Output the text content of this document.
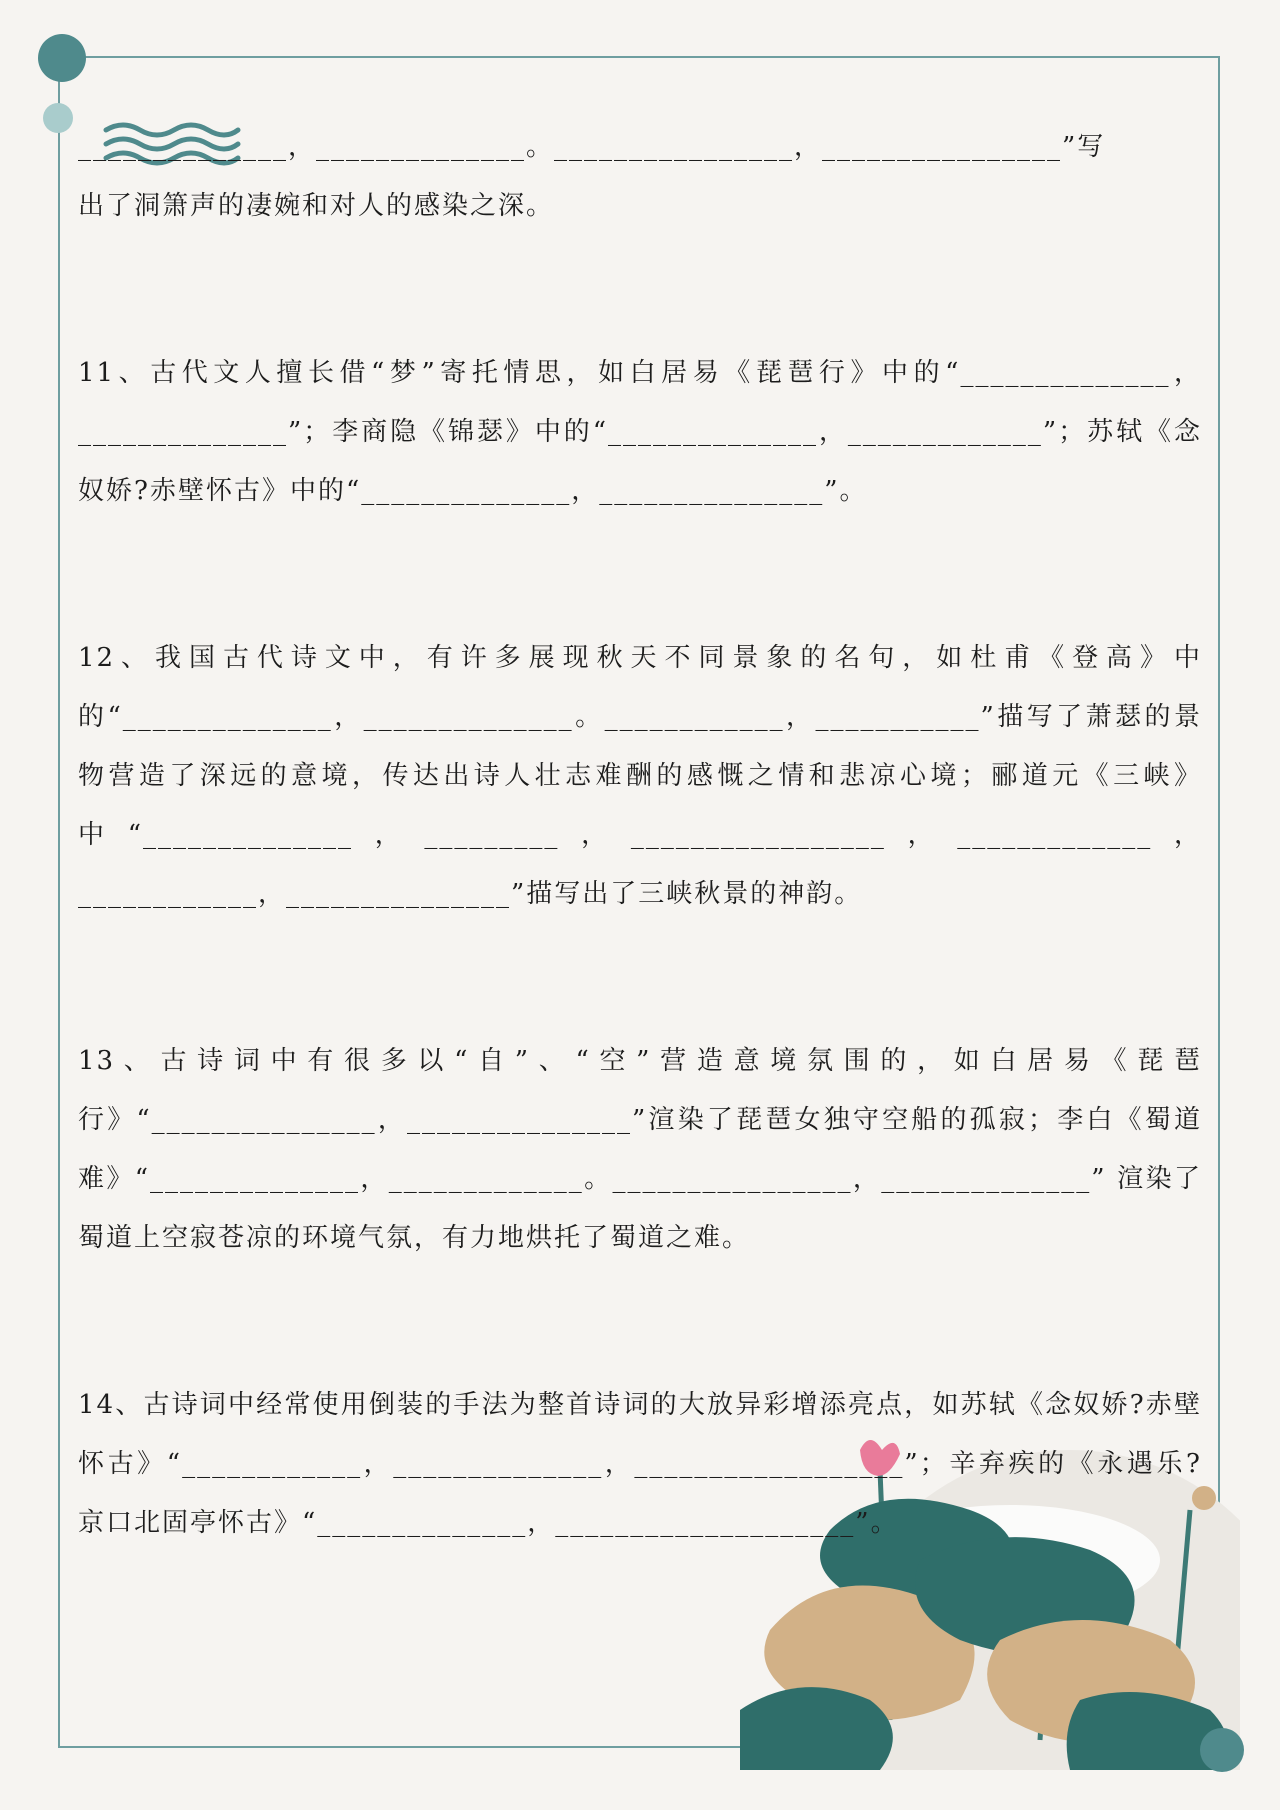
______________，______________。________________，________________”写

出了洞箫声的凄婉和对人的感染之深。

11、古代文人擅长借“梦”寄托情思，如白居易《琵琶行》中的“______________，______________”；李商隐《锦瑟》中的“______________，_____________”；苏轼《念奴娇?赤壁怀古》中的“______________，_______________”。

12、我国古代诗文中，有许多展现秋天不同景象的名句，如杜甫《登高》中的“______________，______________。____________，___________”描写了萧瑟的景物营造了深远的意境，传达出诗人壮志难酬的感慨之情和悲凉心境；郦道元《三峡》中“______________，_________，_________________，_____________，____________，_______________”描写出了三峡秋景的神韵。

13、古诗词中有很多以“自”、“空”营造意境氛围的，如白居易《琵琶行》“_______________，_______________”渲染了琵琶女独守空船的孤寂；李白《蜀道难》“______________，_____________。________________，______________” 渲染了蜀道上空寂苍凉的环境气氛，有力地烘托了蜀道之难。

14、古诗词中经常使用倒装的手法为整首诗词的大放异彩增添亮点，如苏轼《念奴娇?赤壁怀古》“____________，______________，__________________”；辛弃疾的《永遇乐?京口北固亭怀古》“______________，____________________”。
